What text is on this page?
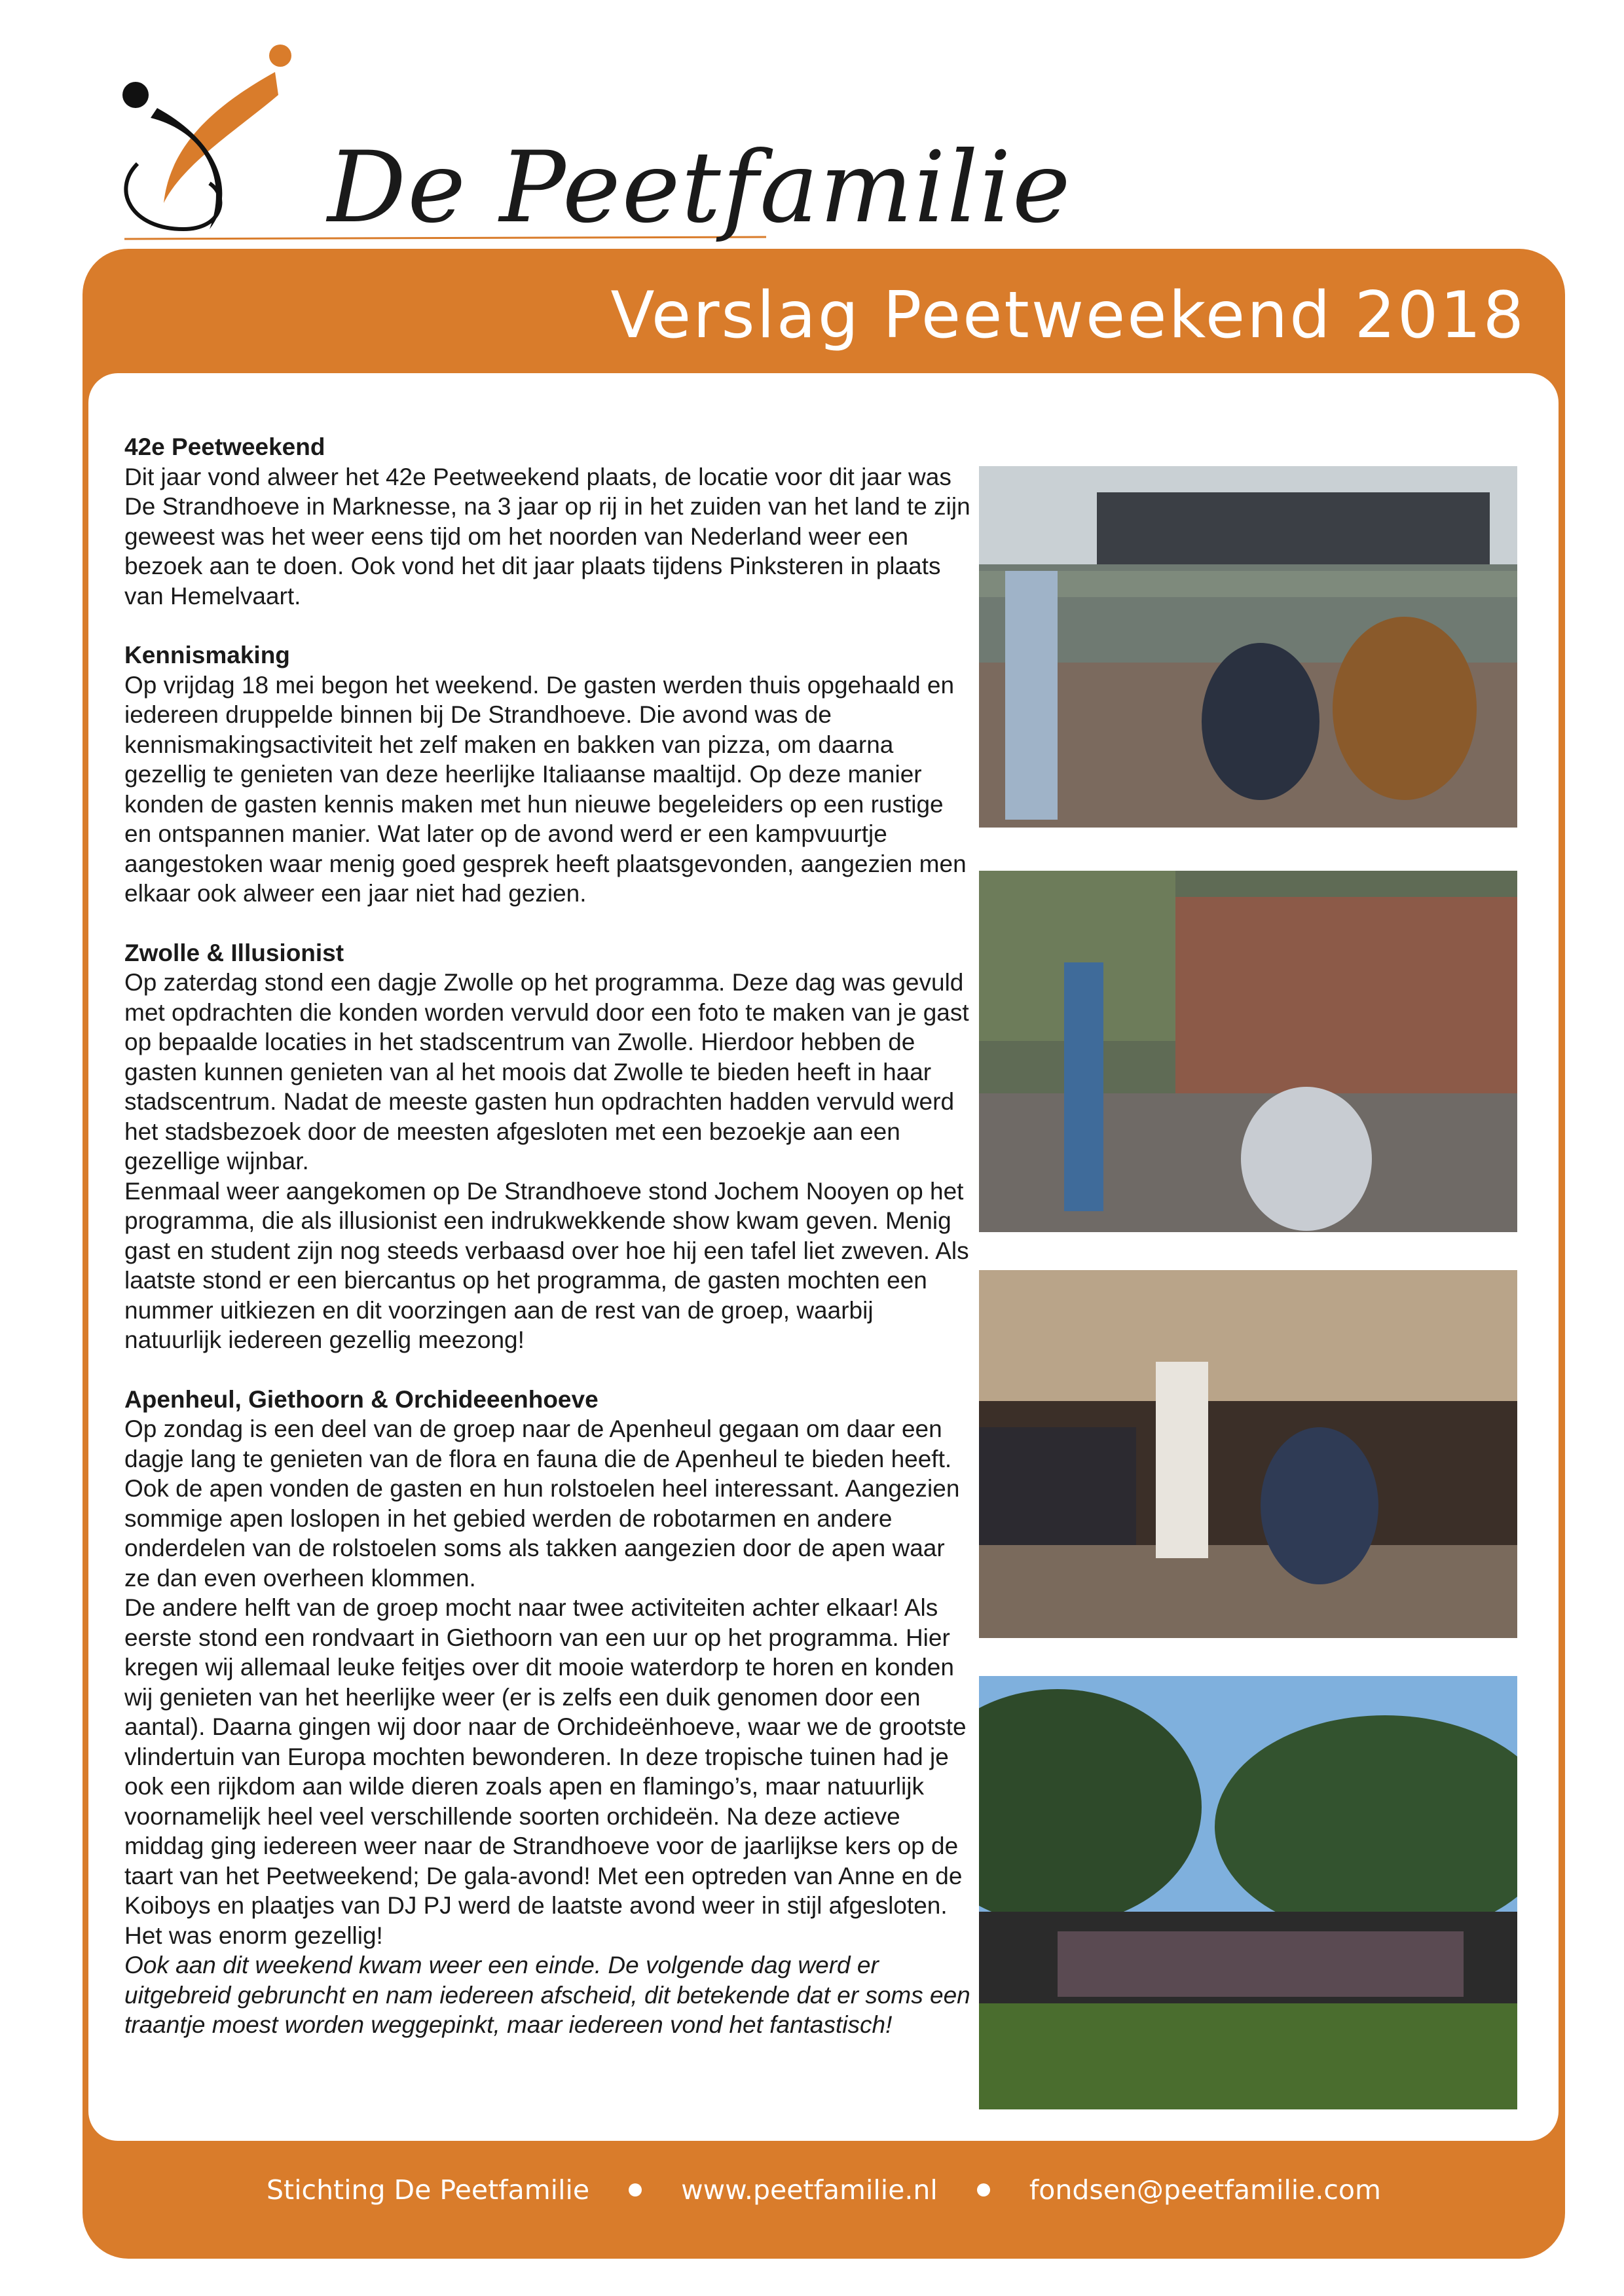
De Peetfamilie
Verslag Peetweekend 2018
42e Peetweekend

Dit jaar vond alweer het 42e Peetweekend plaats, de locatie voor dit jaar was De Strandhoeve in Marknesse, na 3 jaar op rij in het zuiden van het land te zijn geweest was het weer eens tijd om het noorden van Nederland weer een bezoek aan te doen. Ook vond het dit jaar plaats tijdens Pinksteren in plaats van Hemelvaart.

Kennismaking

Op vrijdag 18 mei begon het weekend. De gasten werden thuis opgehaald en iedereen druppelde binnen bij De Strandhoeve. Die avond was de kennismakingsactiviteit het zelf maken en bakken van pizza, om daarna gezellig te genieten van deze heerlijke Italiaanse maaltijd. Op deze manier konden de gasten kennis maken met hun nieuwe begeleiders op een rustige en ontspannen manier. Wat later op de avond werd er een kampvuurtje aangestoken waar menig goed gesprek heeft plaatsgevonden, aangezien men elkaar ook alweer een jaar niet had gezien.

Zwolle & Illusionist

Op zaterdag stond een dagje Zwolle op het programma. Deze dag was gevuld met opdrachten die konden worden vervuld door een foto te maken van je gast op bepaalde locaties in het stadscentrum van Zwolle. Hierdoor hebben de gasten kunnen genieten van al het moois dat Zwolle te bieden heeft in haar stadscentrum. Nadat de meeste gasten hun opdrachten hadden vervuld werd het stadsbezoek door de meesten afgesloten met een bezoekje aan een gezellige wijnbar.

Eenmaal weer aangekomen op De Strandhoeve stond Jochem Nooyen op het programma, die als illusionist een indrukwekkende show kwam geven. Menig gast en student zijn nog steeds verbaasd over hoe hij een tafel liet zweven. Als laatste stond er een biercantus op het programma, de gasten mochten een nummer uitkiezen en dit voorzingen aan de rest van de groep, waarbij natuurlijk iedereen gezellig meezong!

Apenheul, Giethoorn & Orchideeenhoeve

Op zondag is een deel van de groep naar de Apenheul gegaan om daar een dagje lang te genieten van de flora en fauna die de Apenheul te bieden heeft. Ook de apen vonden de gasten en hun rolstoelen heel interessant. Aangezien sommige apen loslopen in het gebied werden de robotarmen en andere onderdelen van de rolstoelen soms als takken aangezien door de apen waar ze dan even overheen klommen.

De andere helft van de groep mocht naar twee activiteiten achter elkaar! Als eerste stond een rondvaart in Giethoorn van een uur op het programma. Hier kregen wij allemaal leuke feitjes over dit mooie waterdorp te horen en konden wij genieten van het heerlijke weer (er is zelfs een duik genomen door een aantal). Daarna gingen wij door naar de Orchideënhoeve, waar we de grootste vlindertuin van Europa mochten bewonderen. In deze tropische tuinen had je ook een rijkdom aan wilde dieren zoals apen en flamingo’s, maar natuurlijk voornamelijk heel veel verschillende soorten orchideën. Na deze actieve middag ging iedereen weer naar de Strandhoeve voor de jaarlijkse kers op de taart van het Peetweekend; De gala-avond! Met een optreden van Anne en de Koiboys en plaatjes van DJ PJ werd de laatste avond weer in stijl afgesloten. Het was enorm gezellig!

Ook aan dit weekend kwam weer een einde. De volgende dag werd er uitgebreid gebruncht en nam iedereen afscheid, dit betekende dat er soms een traantje moest worden weggepinkt, maar iedereen vond het fantastisch!

Stichting De Peetfamilie	www.peetfamilie.nl	fondsen@peetfamilie.com
